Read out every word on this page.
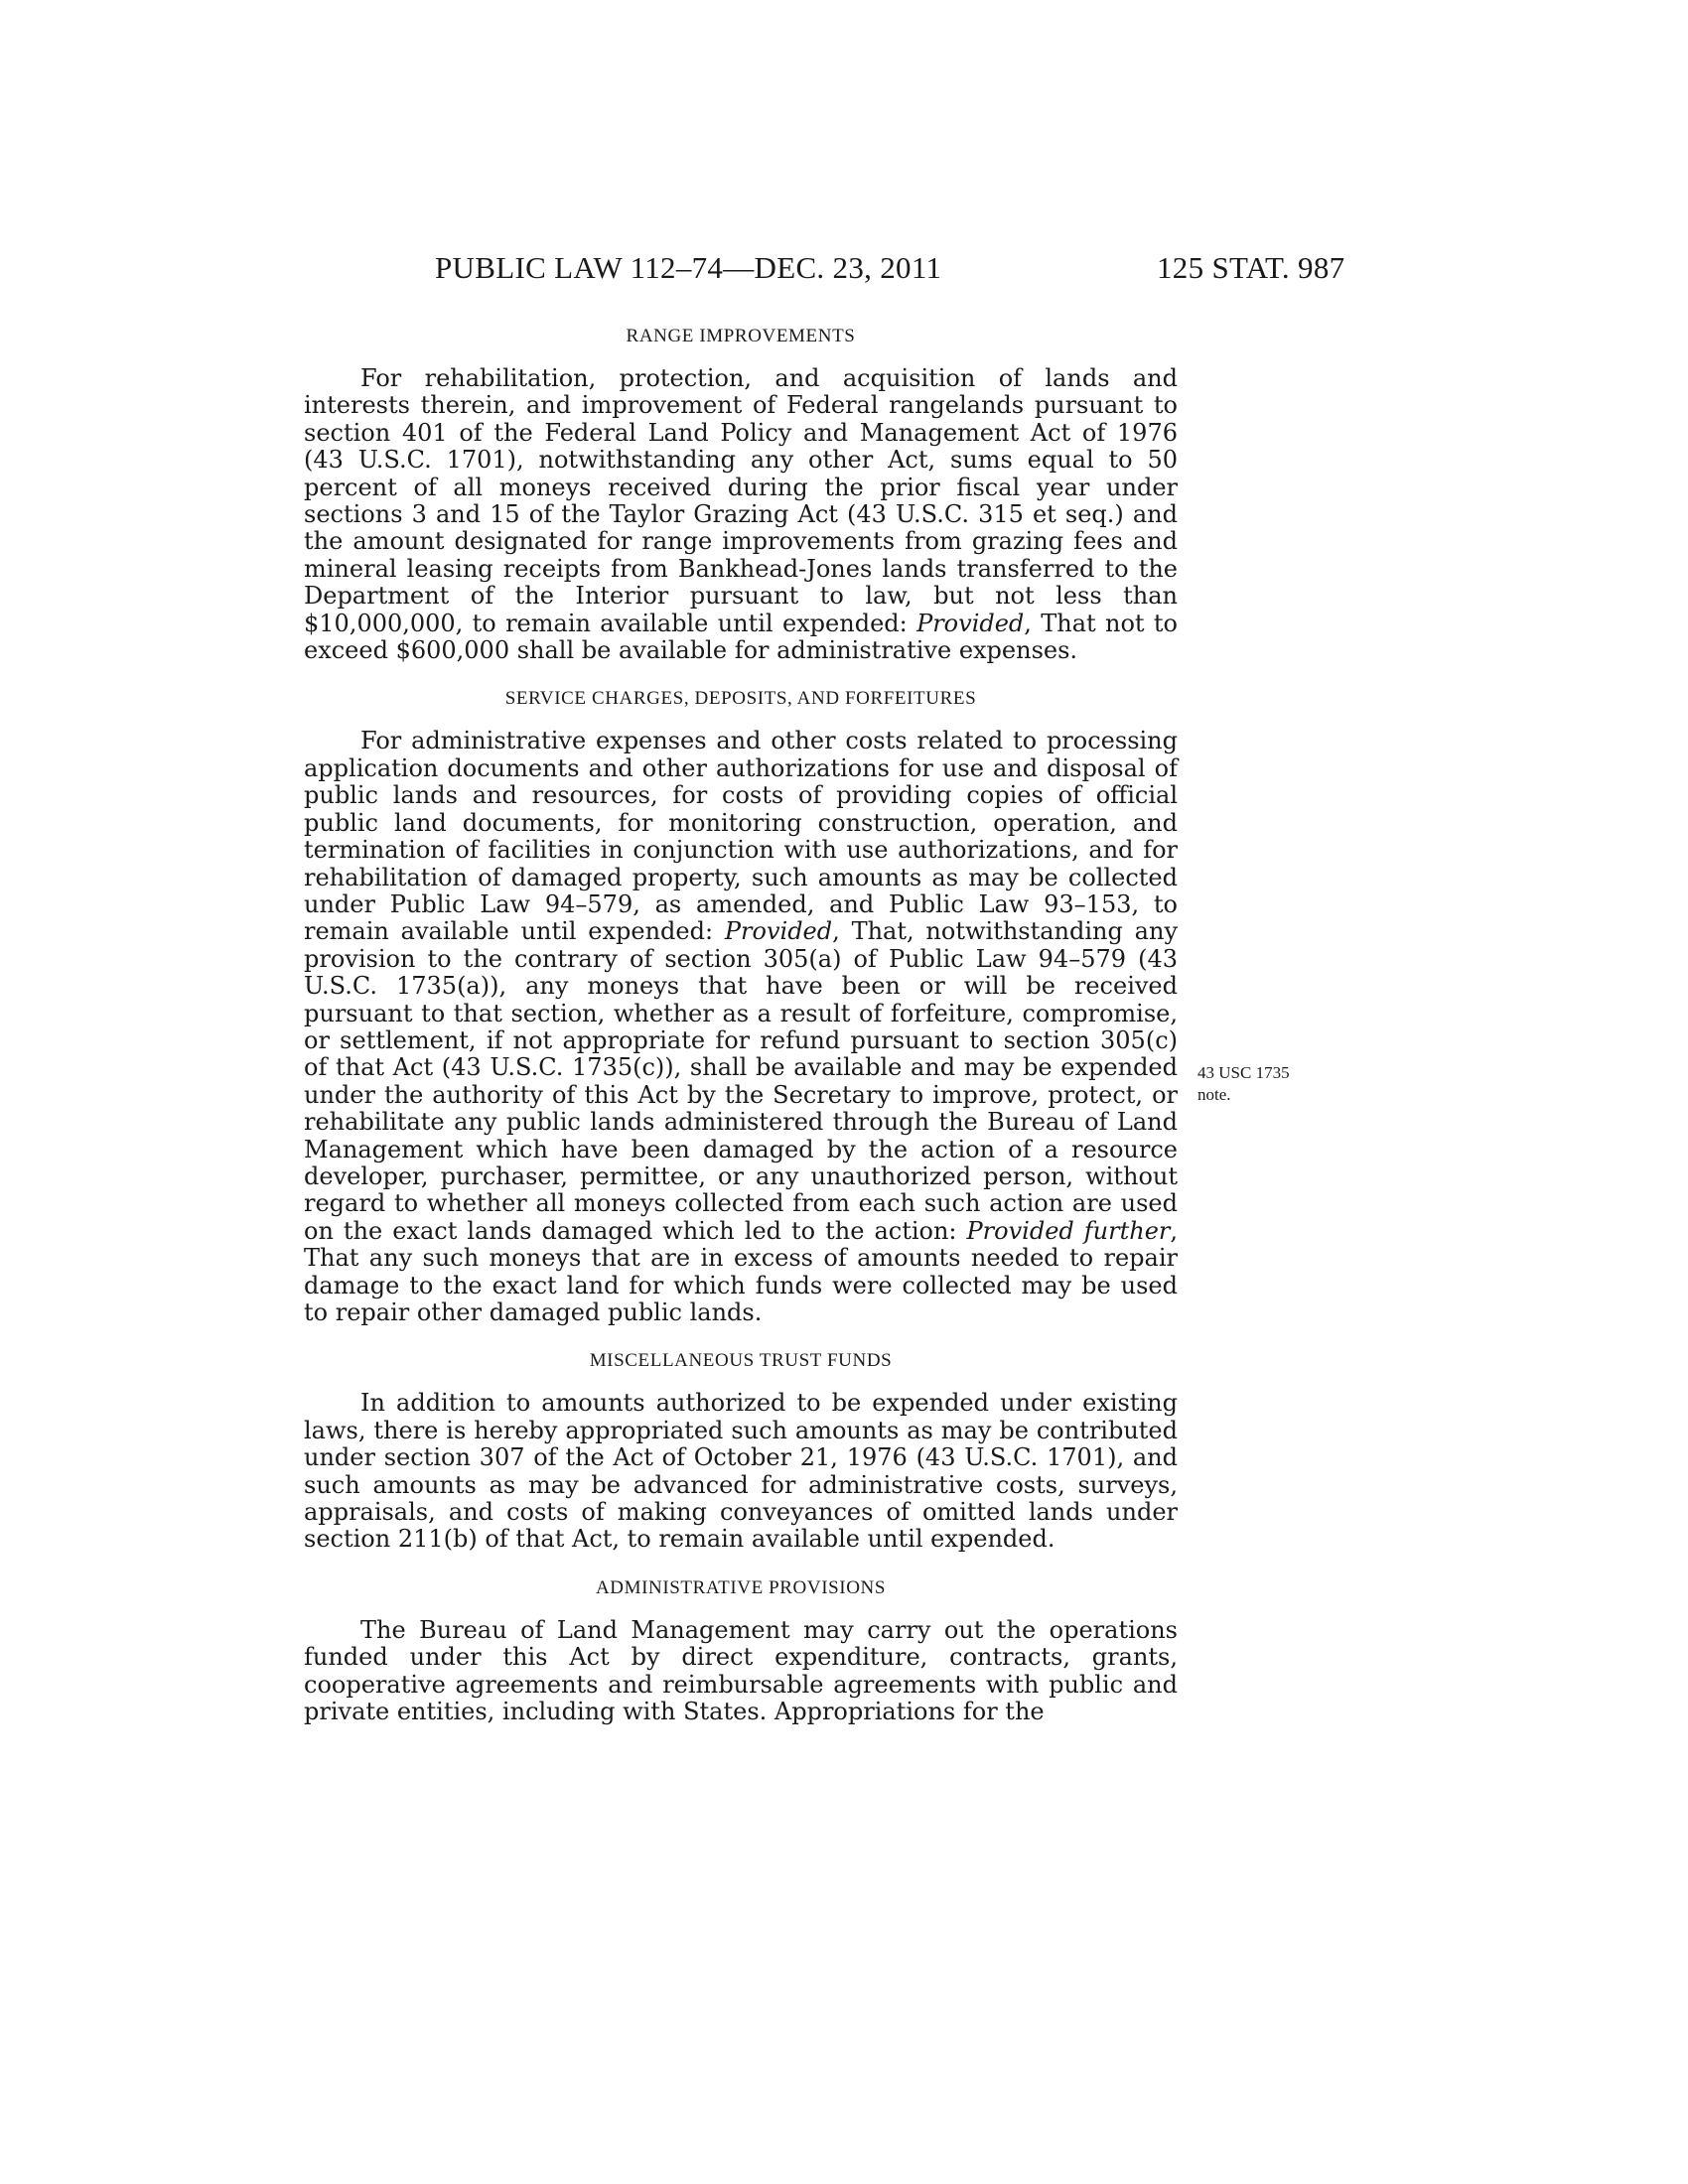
PUBLIC LAW 112–74—DEC. 23, 2011	125 STAT. 987
RANGE IMPROVEMENTS

For rehabilitation, protection, and acquisition of lands and interests therein, and improvement of Federal rangelands pursuant to section 401 of the Federal Land Policy and Management Act of 1976 (43 U.S.C. 1701), notwithstanding any other Act, sums equal to 50 percent of all moneys received during the prior fiscal year under sections 3 and 15 of the Taylor Grazing Act (43 U.S.C. 315 et seq.) and the amount designated for range improvements from grazing fees and mineral leasing receipts from Bankhead-Jones lands transferred to the Department of the Interior pursuant to law, but not less than $10,000,000, to remain available until expended: Provided, That not to exceed $600,000 shall be available for administrative expenses.

SERVICE CHARGES, DEPOSITS, AND FORFEITURES

For administrative expenses and other costs related to processing application documents and other authorizations for use and disposal of public lands and resources, for costs of providing copies of official public land documents, for monitoring construction, operation, and termination of facilities in conjunction with use authorizations, and for rehabilitation of damaged property, such amounts as may be collected under Public Law 94–579, as amended, and Public Law 93–153, to remain available until expended: Provided, That, notwithstanding any provision to the contrary of section 305(a) of Public Law 94–579 (43 U.S.C. 1735(a)), any moneys that have been or will be received pursuant to that section, whether as a result of forfeiture, compromise, or settlement, if not appropriate for refund pursuant to section 305(c) of that Act (43 U.S.C. 1735(c)), shall be available and may be expended under the authority of this Act by the Secretary to improve, protect, or rehabilitate any public lands administered through the Bureau of Land Management which have been damaged by the action of a resource developer, purchaser, permittee, or any unauthorized person, without regard to whether all moneys collected from each such action are used on the exact lands damaged which led to the action: Provided further, That any such moneys that are in excess of amounts needed to repair damage to the exact land for which funds were collected may be used to repair other damaged public lands.

MISCELLANEOUS TRUST FUNDS

In addition to amounts authorized to be expended under existing laws, there is hereby appropriated such amounts as may be contributed under section 307 of the Act of October 21, 1976 (43 U.S.C. 1701), and such amounts as may be advanced for administrative costs, surveys, appraisals, and costs of making conveyances of omitted lands under section 211(b) of that Act, to remain available until expended.

ADMINISTRATIVE PROVISIONS

The Bureau of Land Management may carry out the operations funded under this Act by direct expenditure, contracts, grants, cooperative agreements and reimbursable agreements with public and private entities, including with States. Appropriations for the

43 USC 1735
note.
